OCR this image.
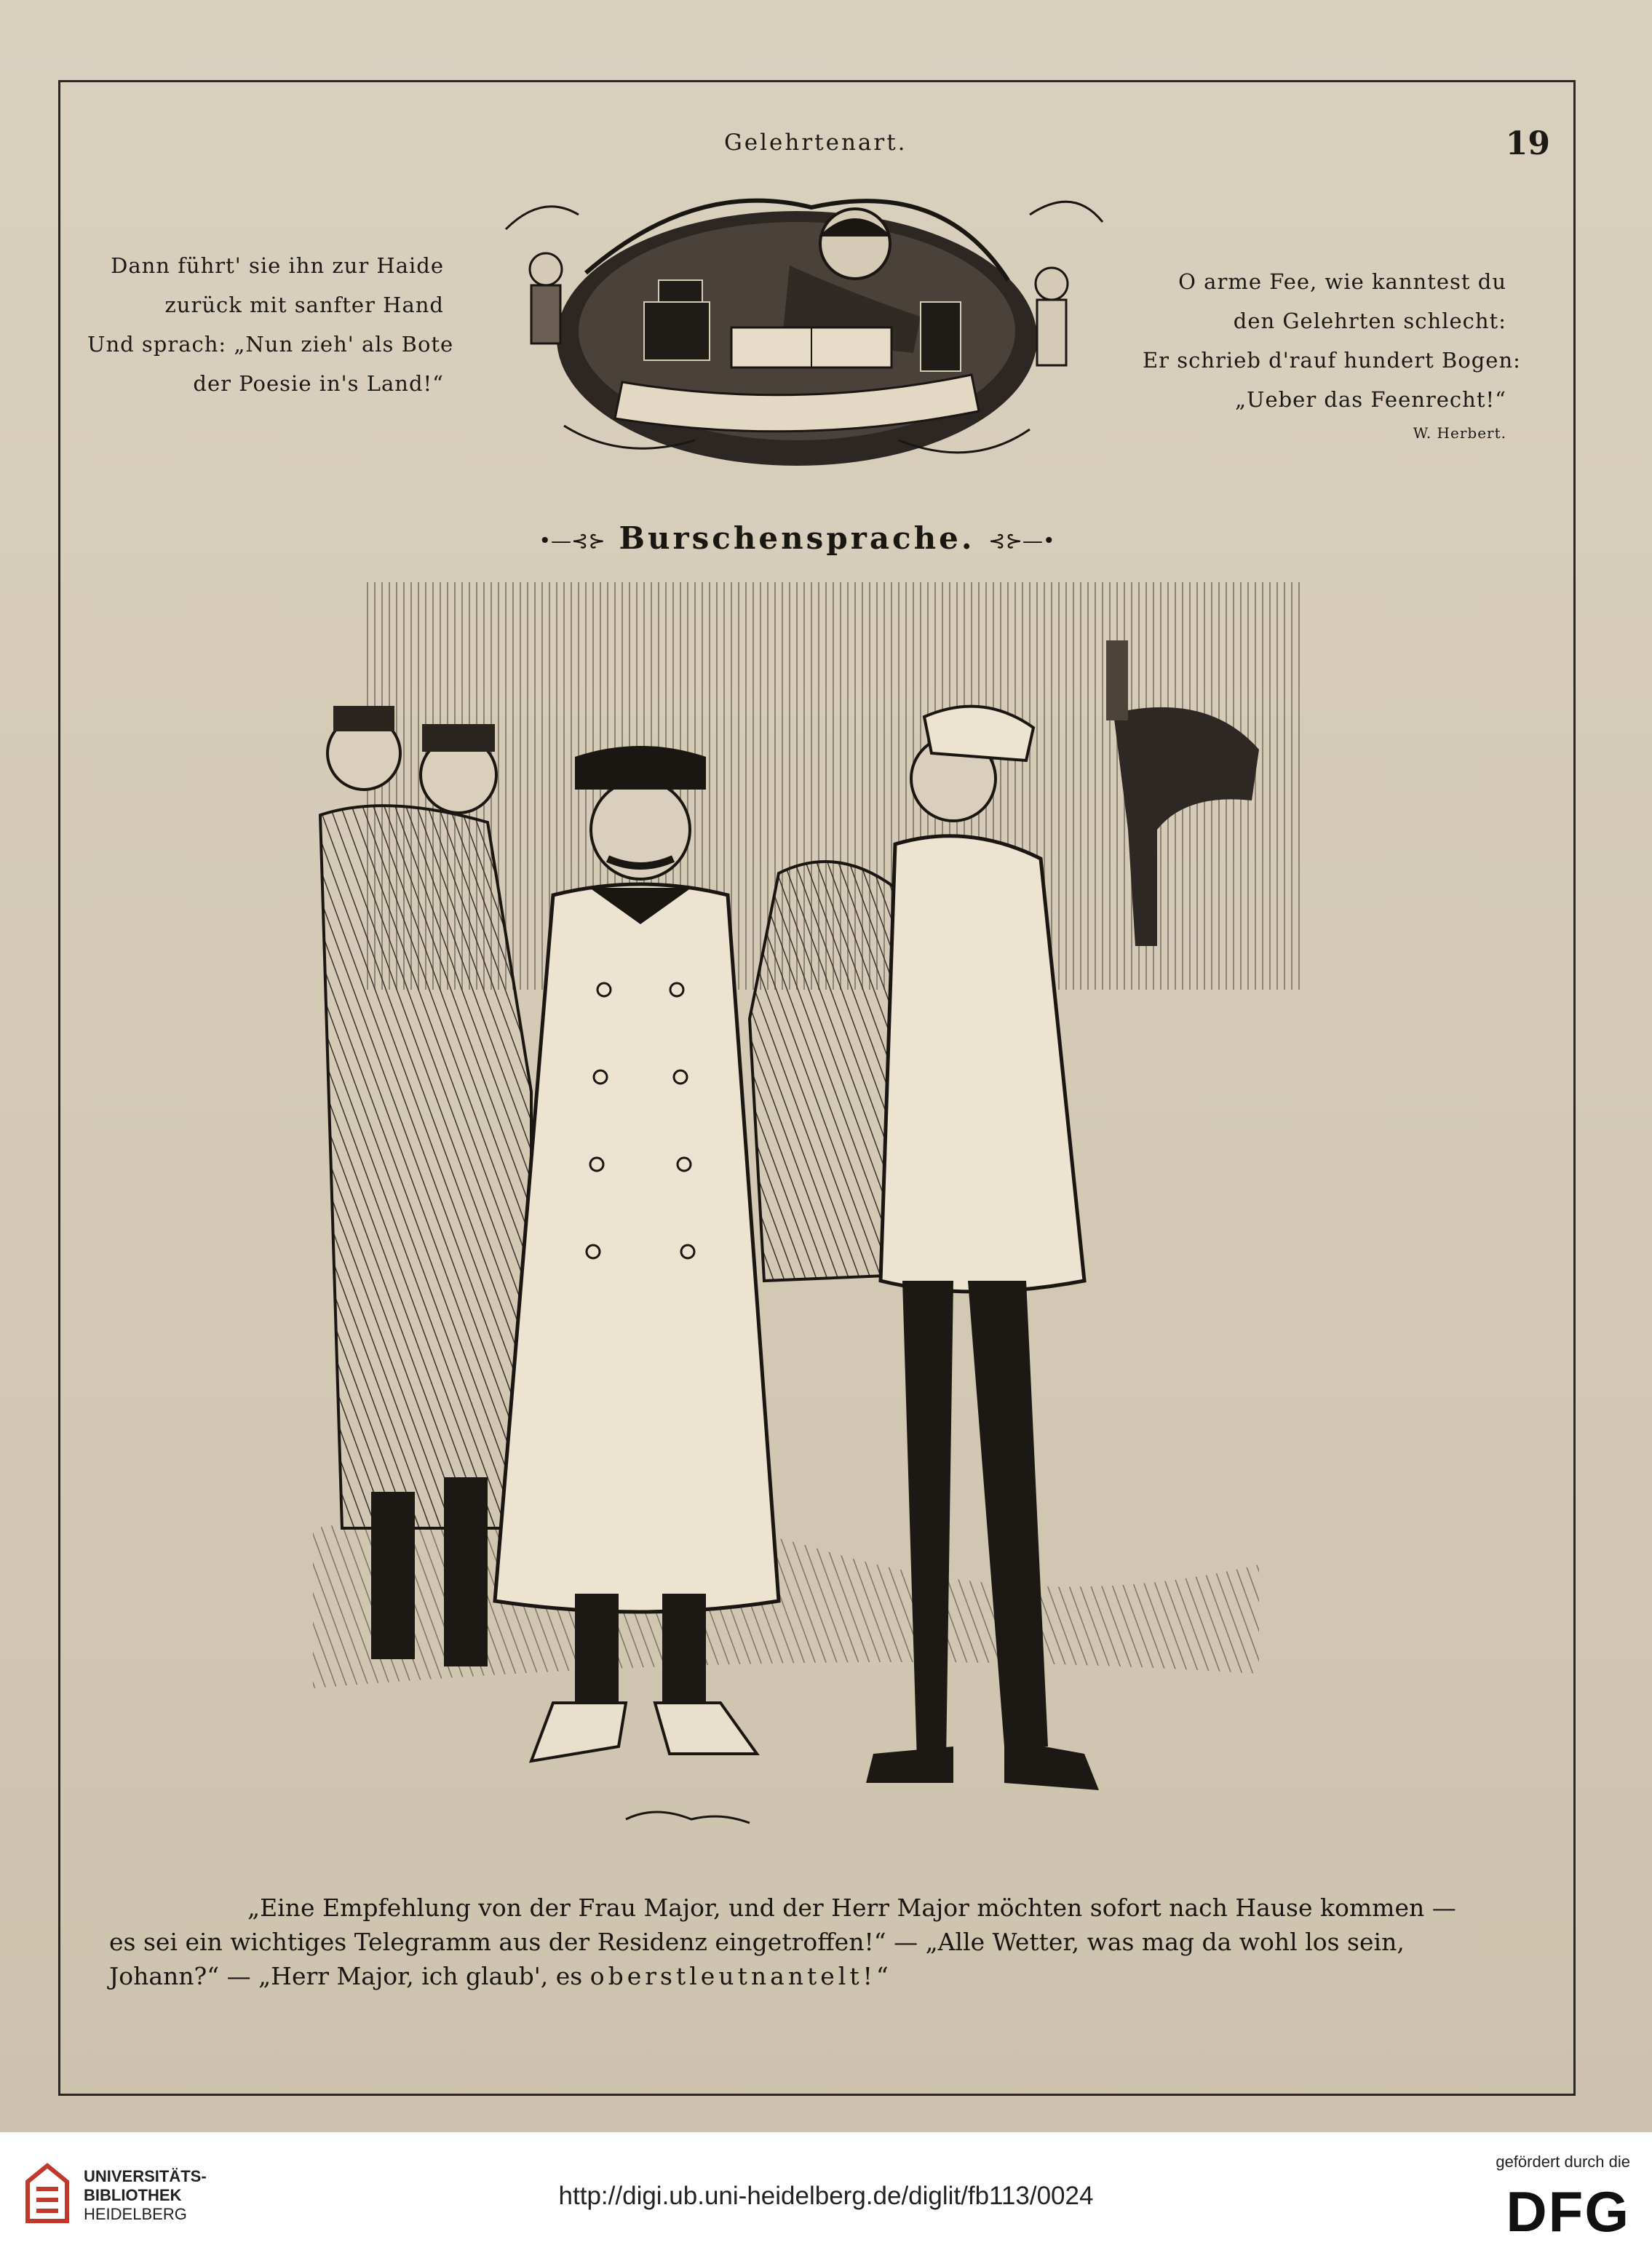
Gelehrtenart.	19
Dann führt' sie ihn zur Haide
zurück mit sanfter Hand
Und sprach: „Nun zieh' als Bote
der Poesie in's Land!“
O arme Fee, wie kanntest du
den Gelehrten schlecht:
Er schrieb d'rauf hundert Bogen:
„Ueber das Feenrecht!“
W. Herbert.
•—⊰⊱ Burschensprache. ⊰⊱—•
„Eine Empfehlung von der Frau Major, und der Herr Major möchten sofort nach Hause kommen —
es sei ein wichtiges Telegramm aus der Residenz eingetroffen!“ — „Alle Wetter, was mag da wohl los sein,
Johann?“ — „Herr Major, ich glaub', es oberstleutnantelt!“
UNIVERSITÄTS-
BIBLIOTHEK
HEIDELBERG
http://digi.ub.uni-heidelberg.de/diglit/fb113/0024
gefördert durch die
DFG
